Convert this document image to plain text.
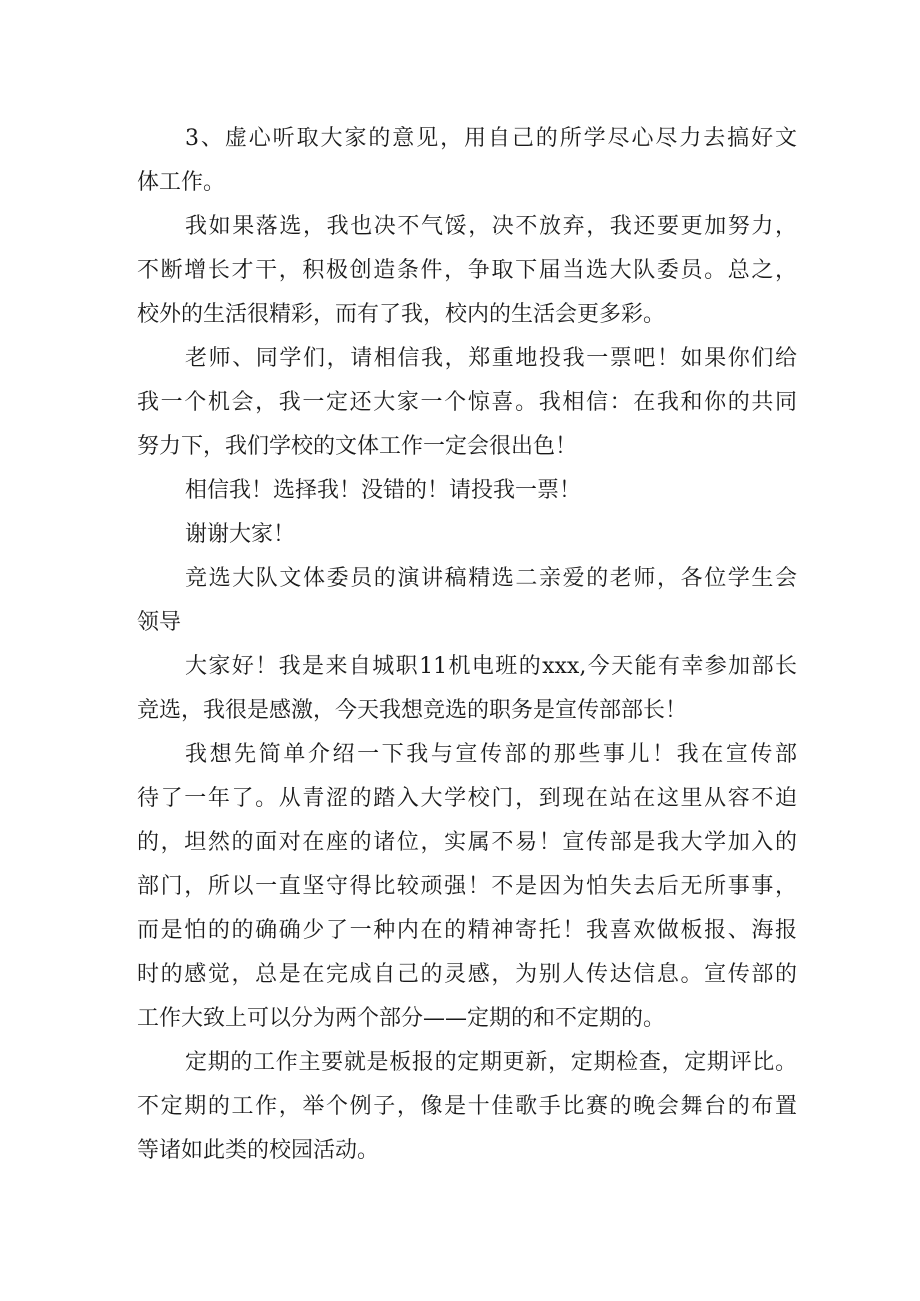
3、虚心听取大家的意见，用自己的所学尽心尽力去搞好文
体工作。
我如果落选，我也决不气馁，决不放弃，我还要更加努力，
不断增长才干，积极创造条件，争取下届当选大队委员。总之，
校外的生活很精彩，而有了我，校内的生活会更多彩。
老师、同学们，请相信我，郑重地投我一票吧！如果你们给
我一个机会，我一定还大家一个惊喜。我相信：在我和你的共同
努力下，我们学校的文体工作一定会很出色！
相信我！选择我！没错的！请投我一票！
谢谢大家！
竞选大队文体委员的演讲稿精选二亲爱的老师，各位学生会
领导
大家好！我是来自城职11机电班的xxx,今天能有幸参加部长
竞选，我很是感激，今天我想竞选的职务是宣传部部长！
我想先简单介绍一下我与宣传部的那些事儿！我在宣传部
待了一年了。从青涩的踏入大学校门，到现在站在这里从容不迫
的，坦然的面对在座的诸位，实属不易！宣传部是我大学加入的
部门，所以一直坚守得比较顽强！不是因为怕失去后无所事事，
而是怕的的确确少了一种内在的精神寄托！我喜欢做板报、海报
时的感觉，总是在完成自己的灵感，为别人传达信息。宣传部的
工作大致上可以分为两个部分——定期的和不定期的。
定期的工作主要就是板报的定期更新，定期检查，定期评比。
不定期的工作，举个例子，像是十佳歌手比赛的晚会舞台的布置
等诸如此类的校园活动。
